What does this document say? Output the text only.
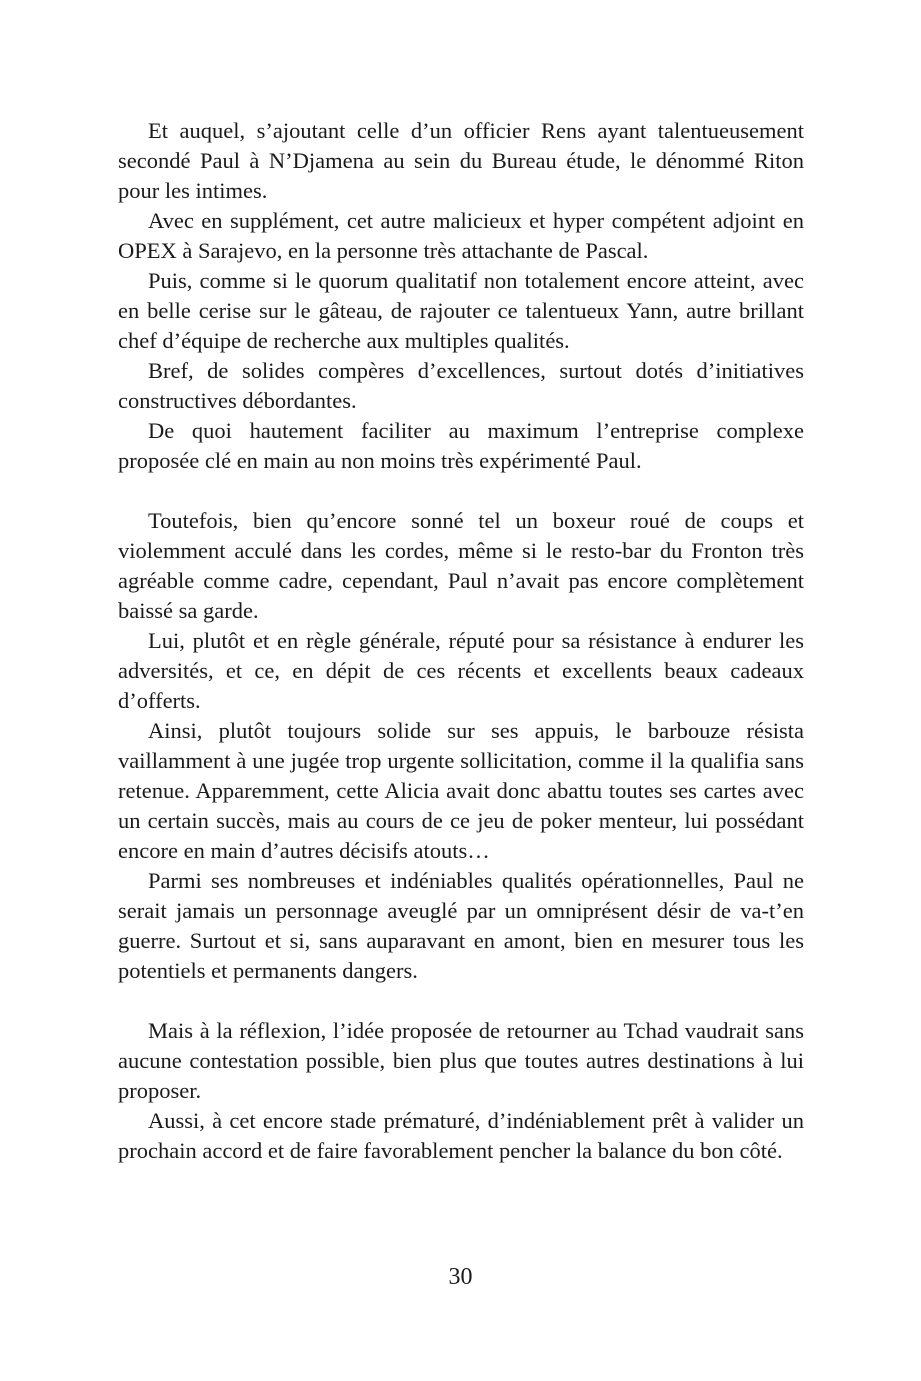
Et auquel, s’ajoutant celle d’un officier Rens ayant talentueusement secondé Paul à N’Djamena au sein du Bureau étude, le dénommé Riton pour les intimes.

Avec en supplément, cet autre malicieux et hyper compétent adjoint en OPEX à Sarajevo, en la personne très attachante de Pascal.

Puis, comme si le quorum qualitatif non totalement encore atteint, avec en belle cerise sur le gâteau, de rajouter ce talentueux Yann, autre brillant chef d’équipe de recherche aux multiples qualités.

Bref, de solides compères d’excellences, surtout dotés d’initiatives constructives débordantes.

De quoi hautement faciliter au maximum l’entreprise complexe proposée clé en main au non moins très expérimenté Paul.

Toutefois, bien qu’encore sonné tel un boxeur roué de coups et violemment acculé dans les cordes, même si le resto-bar du Fronton très agréable comme cadre, cependant, Paul n’avait pas encore complètement baissé sa garde.

Lui, plutôt et en règle générale, réputé pour sa résistance à endurer les adversités, et ce, en dépit de ces récents et excellents beaux cadeaux d’offerts.

Ainsi, plutôt toujours solide sur ses appuis, le barbouze résista vaillamment à une jugée trop urgente sollicitation, comme il la qualifia sans retenue. Apparemment, cette Alicia avait donc abattu toutes ses cartes avec un certain succès, mais au cours de ce jeu de poker menteur, lui possédant encore en main d’autres décisifs atouts…

Parmi ses nombreuses et indéniables qualités opérationnelles, Paul ne serait jamais un personnage aveuglé par un omniprésent désir de va-t’en guerre. Surtout et si, sans auparavant en amont, bien en mesurer tous les potentiels et permanents dangers.

Mais à la réflexion, l’idée proposée de retourner au Tchad vaudrait sans aucune contestation possible, bien plus que toutes autres destinations à lui proposer.

Aussi, à cet encore stade prématuré, d’indéniablement prêt à valider un prochain accord et de faire favorablement pencher la balance du bon côté.

30
